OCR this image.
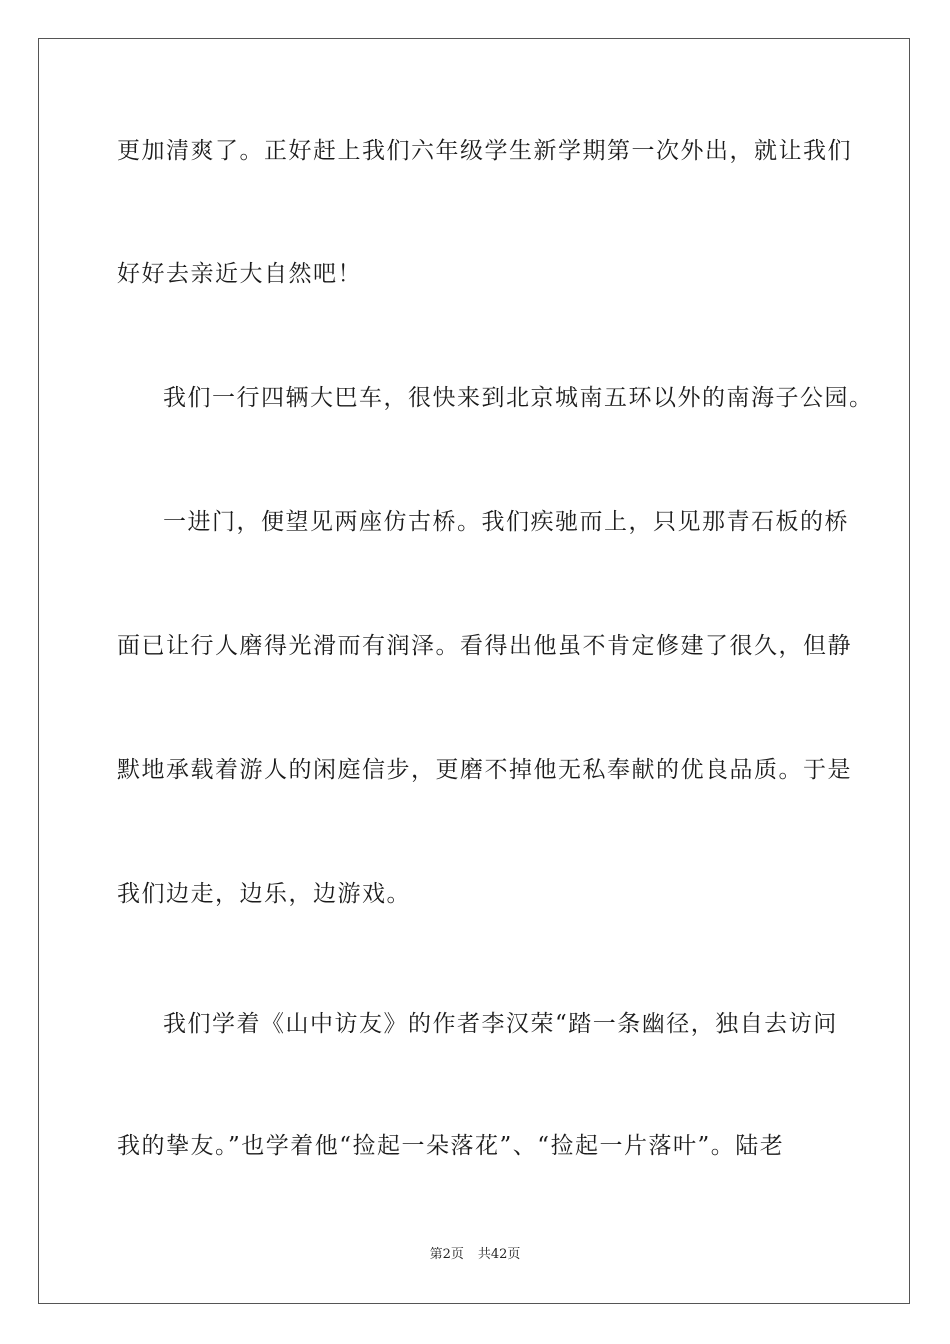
更加清爽了。正好赶上我们六年级学生新学期第一次外出，就让我们
好好去亲近大自然吧！
我们一行四辆大巴车，很快来到北京城南五环以外的南海子公园。
一进门，便望见两座仿古桥。我们疾驰而上，只见那青石板的桥
面已让行人磨得光滑而有润泽。看得出他虽不肯定修建了很久，但静
默地承载着游人的闲庭信步，更磨不掉他无私奉献的优良品质。于是
我们边走，边乐，边游戏。
我们学着《山中访友》的作者李汉荣“踏一条幽径，独自去访问
我的挚友。”也学着他“捡起一朵落花”、“捡起一片落叶”。陆老
第2页 共42页
